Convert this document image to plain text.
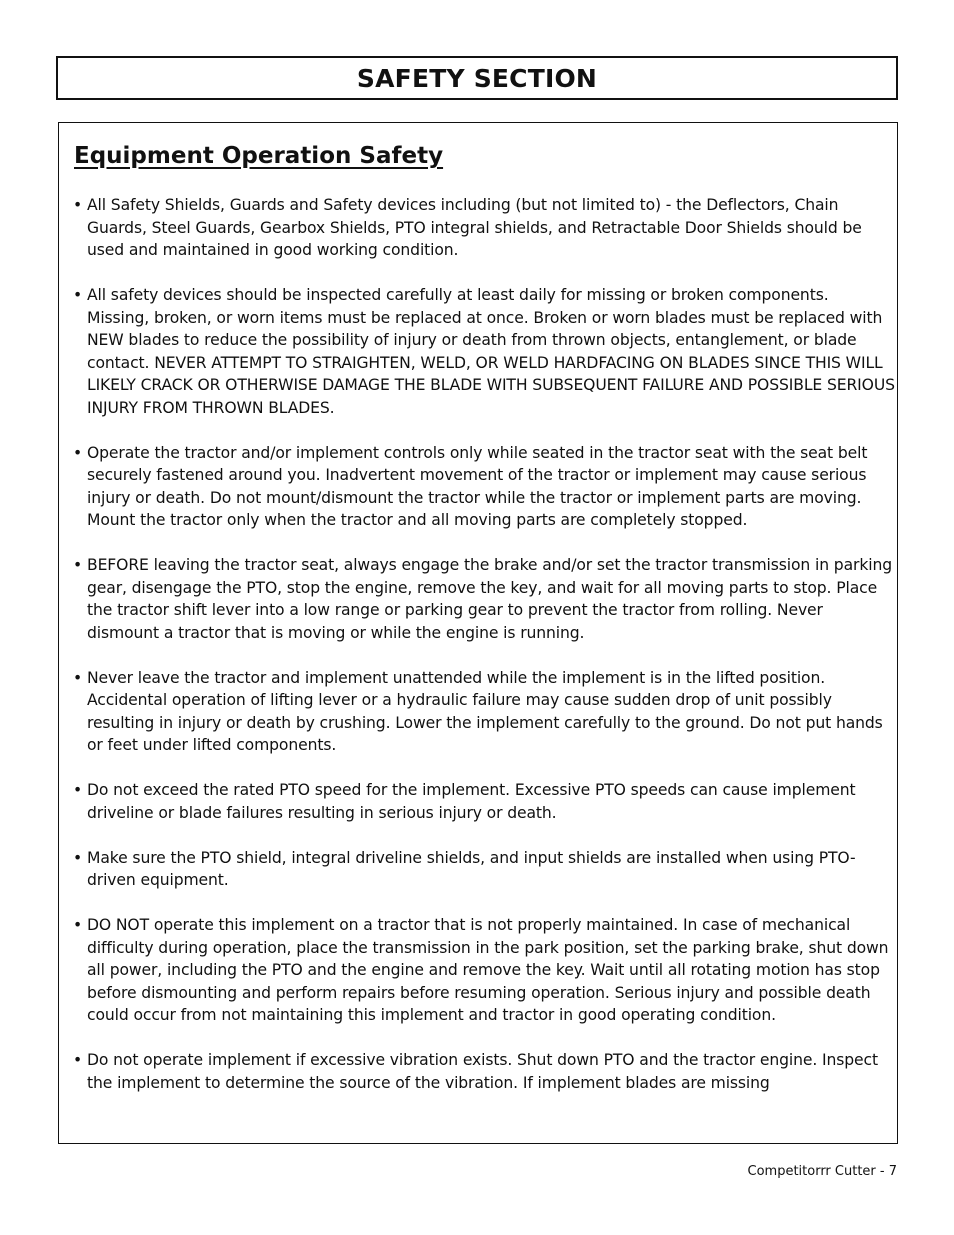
SAFETY SECTION
Equipment Operation Safety
• All Safety Shields, Guards and Safety devices including (but not limited to) - the Deflectors, Chain Guards, Steel Guards, Gearbox Shields, PTO integral shields, and Retractable Door Shields should be used and maintained in good working condition.
• All safety devices should be inspected carefully at least daily for missing or broken components. Missing, broken, or worn items must be replaced at once. Broken or worn blades must be replaced with NEW blades to reduce the possibility of injury or death from thrown objects, entanglement, or blade contact. NEVER ATTEMPT TO STRAIGHTEN, WELD, OR WELD HARDFACING ON BLADES SINCE THIS WILL LIKELY CRACK OR OTHERWISE DAMAGE THE BLADE WITH SUBSEQUENT FAILURE AND POSSIBLE SERIOUS INJURY FROM THROWN BLADES.
• Operate the tractor and/or implement controls only while seated in the tractor seat with the seat belt securely fastened around you. Inadvertent movement of the tractor or implement may cause serious injury or death. Do not mount/dismount the tractor while the tractor or implement parts are moving. Mount the tractor only when the tractor and all moving parts are completely stopped.
• BEFORE leaving the tractor seat, always engage the brake and/or set the tractor transmission in parking gear, disengage the PTO, stop the engine, remove the key, and wait for all moving parts to stop. Place the tractor shift lever into a low range or parking gear to prevent the tractor from rolling. Never dismount a tractor that is moving or while the engine is running.
• Never leave the tractor and implement unattended while the implement is in the lifted position. Accidental operation of lifting lever or a hydraulic failure may cause sudden drop of unit possibly resulting in injury or death by crushing. Lower the implement carefully to the ground. Do not put hands or feet under lifted components.
• Do not exceed the rated PTO speed for the implement. Excessive PTO speeds can cause implement driveline or blade failures resulting in serious injury or death.
• Make sure the PTO shield, integral driveline shields, and input shields are installed when using PTO-driven equipment.
• DO NOT operate this implement on a tractor that is not properly maintained. In case of mechanical difficulty during operation, place the transmission in the park position, set the parking brake, shut down all power, including the PTO and the engine and remove the key. Wait until all rotating motion has stop before dismounting and perform repairs before resuming operation. Serious injury and possible death could occur from not maintaining this implement and tractor in good operating condition.
• Do not operate implement if excessive vibration exists. Shut down PTO and the tractor engine. Inspect the implement to determine the source of the vibration. If implement blades are missing
Competitorrr Cutter - 7
